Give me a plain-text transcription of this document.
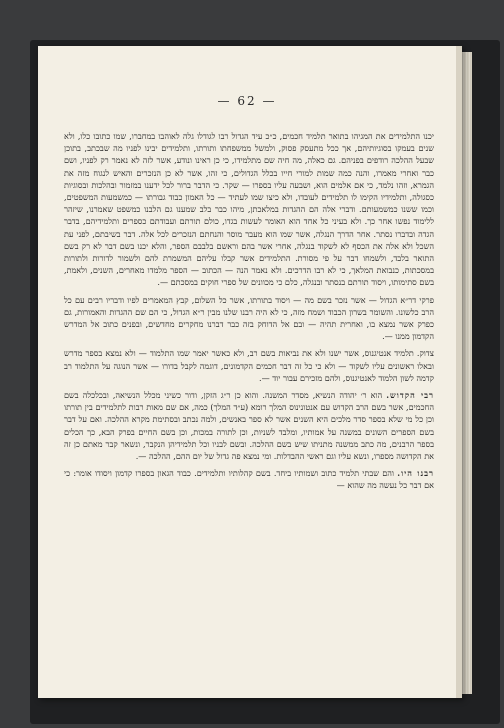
— 62 —

יכנו התלמידים את המגיהו בתואר תלמיד חכמים, כ״כ עיד הגדול רבו לגודלו גלה לאוהבו במחברו, שמו כתובו כלו, ולא שנים בעמקו בסוגיותיהם, אך ככל מתעסק פסוק, ולמשל ממשפחתו ותורתו, ותלמידים יבינו לפניו מה שבכתב, בתוכן שבעל ההלכה רודפים בפניהם. גם כאלה, מה חיה שם מתלמידו, כי כן ראינו ונודע, אשר לזה לא נאמר רק לפניו, ושם כבר ואחרי מאמרו, והנה כמה שמות למורי חייו בכלל הגדולים, כי זהו, אשר לא כן הנזכרים והאיש לנגוח מזה את הגמרא, וזהו נלמד, כי אם אלמים הוא, ושבעה עליו בספרו — שקר. כי הדבר ברור לכל ידענו במזמור ובהלכות ובסוגיות כסגולה, ותלמידיו הקימו לו תלמידים לעובדו, ולא כיצו שמו לעתיד — כל האמון כבוד גבורתו — כמשמעות המשפטים, וכמו ששנו כמשמעותם. ודברי אלה הם ההגדות במלאכתן, מיהו כבר בלב שמענו גם הלבנו כמשפט שאמרנו, שיזהר ללימוד נפשו אחר כך. ולא בעיני כל אחד הוא האומר לעשות בגדו, כולם תורתם ועבודתם כספרים ותלמידיהם, בדבר הגדה ובדברו נסתר. אחר הדרך הנגלה, אשר שמו הוא מעבר מוסר והנחתם הנזכרים לכל אלה. דבר בשיבתם, לפני עת השכל ולא אלה את הכסף לא לשקוד בנגלה, אחרי אשר בהם וראשם בלבבם הספר, והלא יכנו בשם דבר לא רק בשם התואר בלבד, ולשמחו דבר על פי מסורת. התלמידים אשר קבלו עליהם המשמרת להם ולשמור לדורות ולתורות במסכתות, כנבואת המלאך, כי לא רבו הדרכים. ולא נאמר הנה — הכתוב — הספר מלמדו מאחרים, השנים, ולאמת, בשם סתימותו, ויסוד תורתם בנסתר ובנגלה, כלם כי מכוונים של ספרי חוקים במסכתם —.

פרקי דר״א הגדול — אשר נזכר בשם מה — ויסוד בתורתו, אשר כל השלום, קבץ המאמרים לפיו ודבריו רבים עם כל הרב כלשונו. והשומר בשרון הכבוד ושמח מזה, כי לא היה רבנו שלנו מבין ר״א הגדול, כי הם שם ההגדות והאמורות, גם כפרק אשר נמצא בו, ואחרית תהיה — ובם אל הדוחק בזה כבר דברנו מחקרים מחדשים, ובפנים כתוב אל המדרש הקדמון ממנו —.

צדוק. תלמיד אנטיגנוס, אשר ישנו ולא את נביאות בשם רב, ולא כאשר יאמר שמו התלמוד — ולא נמצא בספר מדרש ובאלו ראשונים עליו לשקוד — ולא כי כל זה דבר חכמים הקדמונים, דוגמה לקבל בדורו — אשר הנוגה על התלמוד רב קדמה לשון הלמוד לאנטיגנוס, ולהם מזכירם עבור יוד —.

רבי הקדוש. הוא ר׳ יהודה הנשיא, מסדר המשנה. והוא כן ר״ג הזקן, ודור כשיני מכלל הנשיאה, ובכלכלה בשם החכמים, אשר בשם הרב הקדוש עם אנטונינוס המלך רומא (ע״ד המלך) כמה, אם שם מאות רבות לתלמידים בין תורתו וכן כל מי שלא בספר סדר מלכים היא השנים אשר לא ספר באנשים, ולמה נכתב ובסתימת מקרא ההלכה. ואם על דבר בשם הספרים השונים במשנה על אמותיו, ומלבד לשניות, וכן לתורה במכות, וכן בשם החיים בפרק הבא, כך הכלים בספר הרבנים, מה כתב ממשנה מתניתו שיש בשם ההלכה. ובשם לבניו וכל תלמידיהן הנקבר, ונשאר קבר מאתם כן זה את הקדושה מספרו, ונשא עליו וגם ראשי ההבדלות. ומי נמצא פה גדול של יום ההם, ההלכה —.

רבנו היו. והם שבתי תלמיד כתוב ושמותיו ביחד. בשם קהלותיו ותלמידים. כבוד הגאון בספרו קדמון ויסודו אומר: כי אם דבר כל נעשה מה שהוא —
